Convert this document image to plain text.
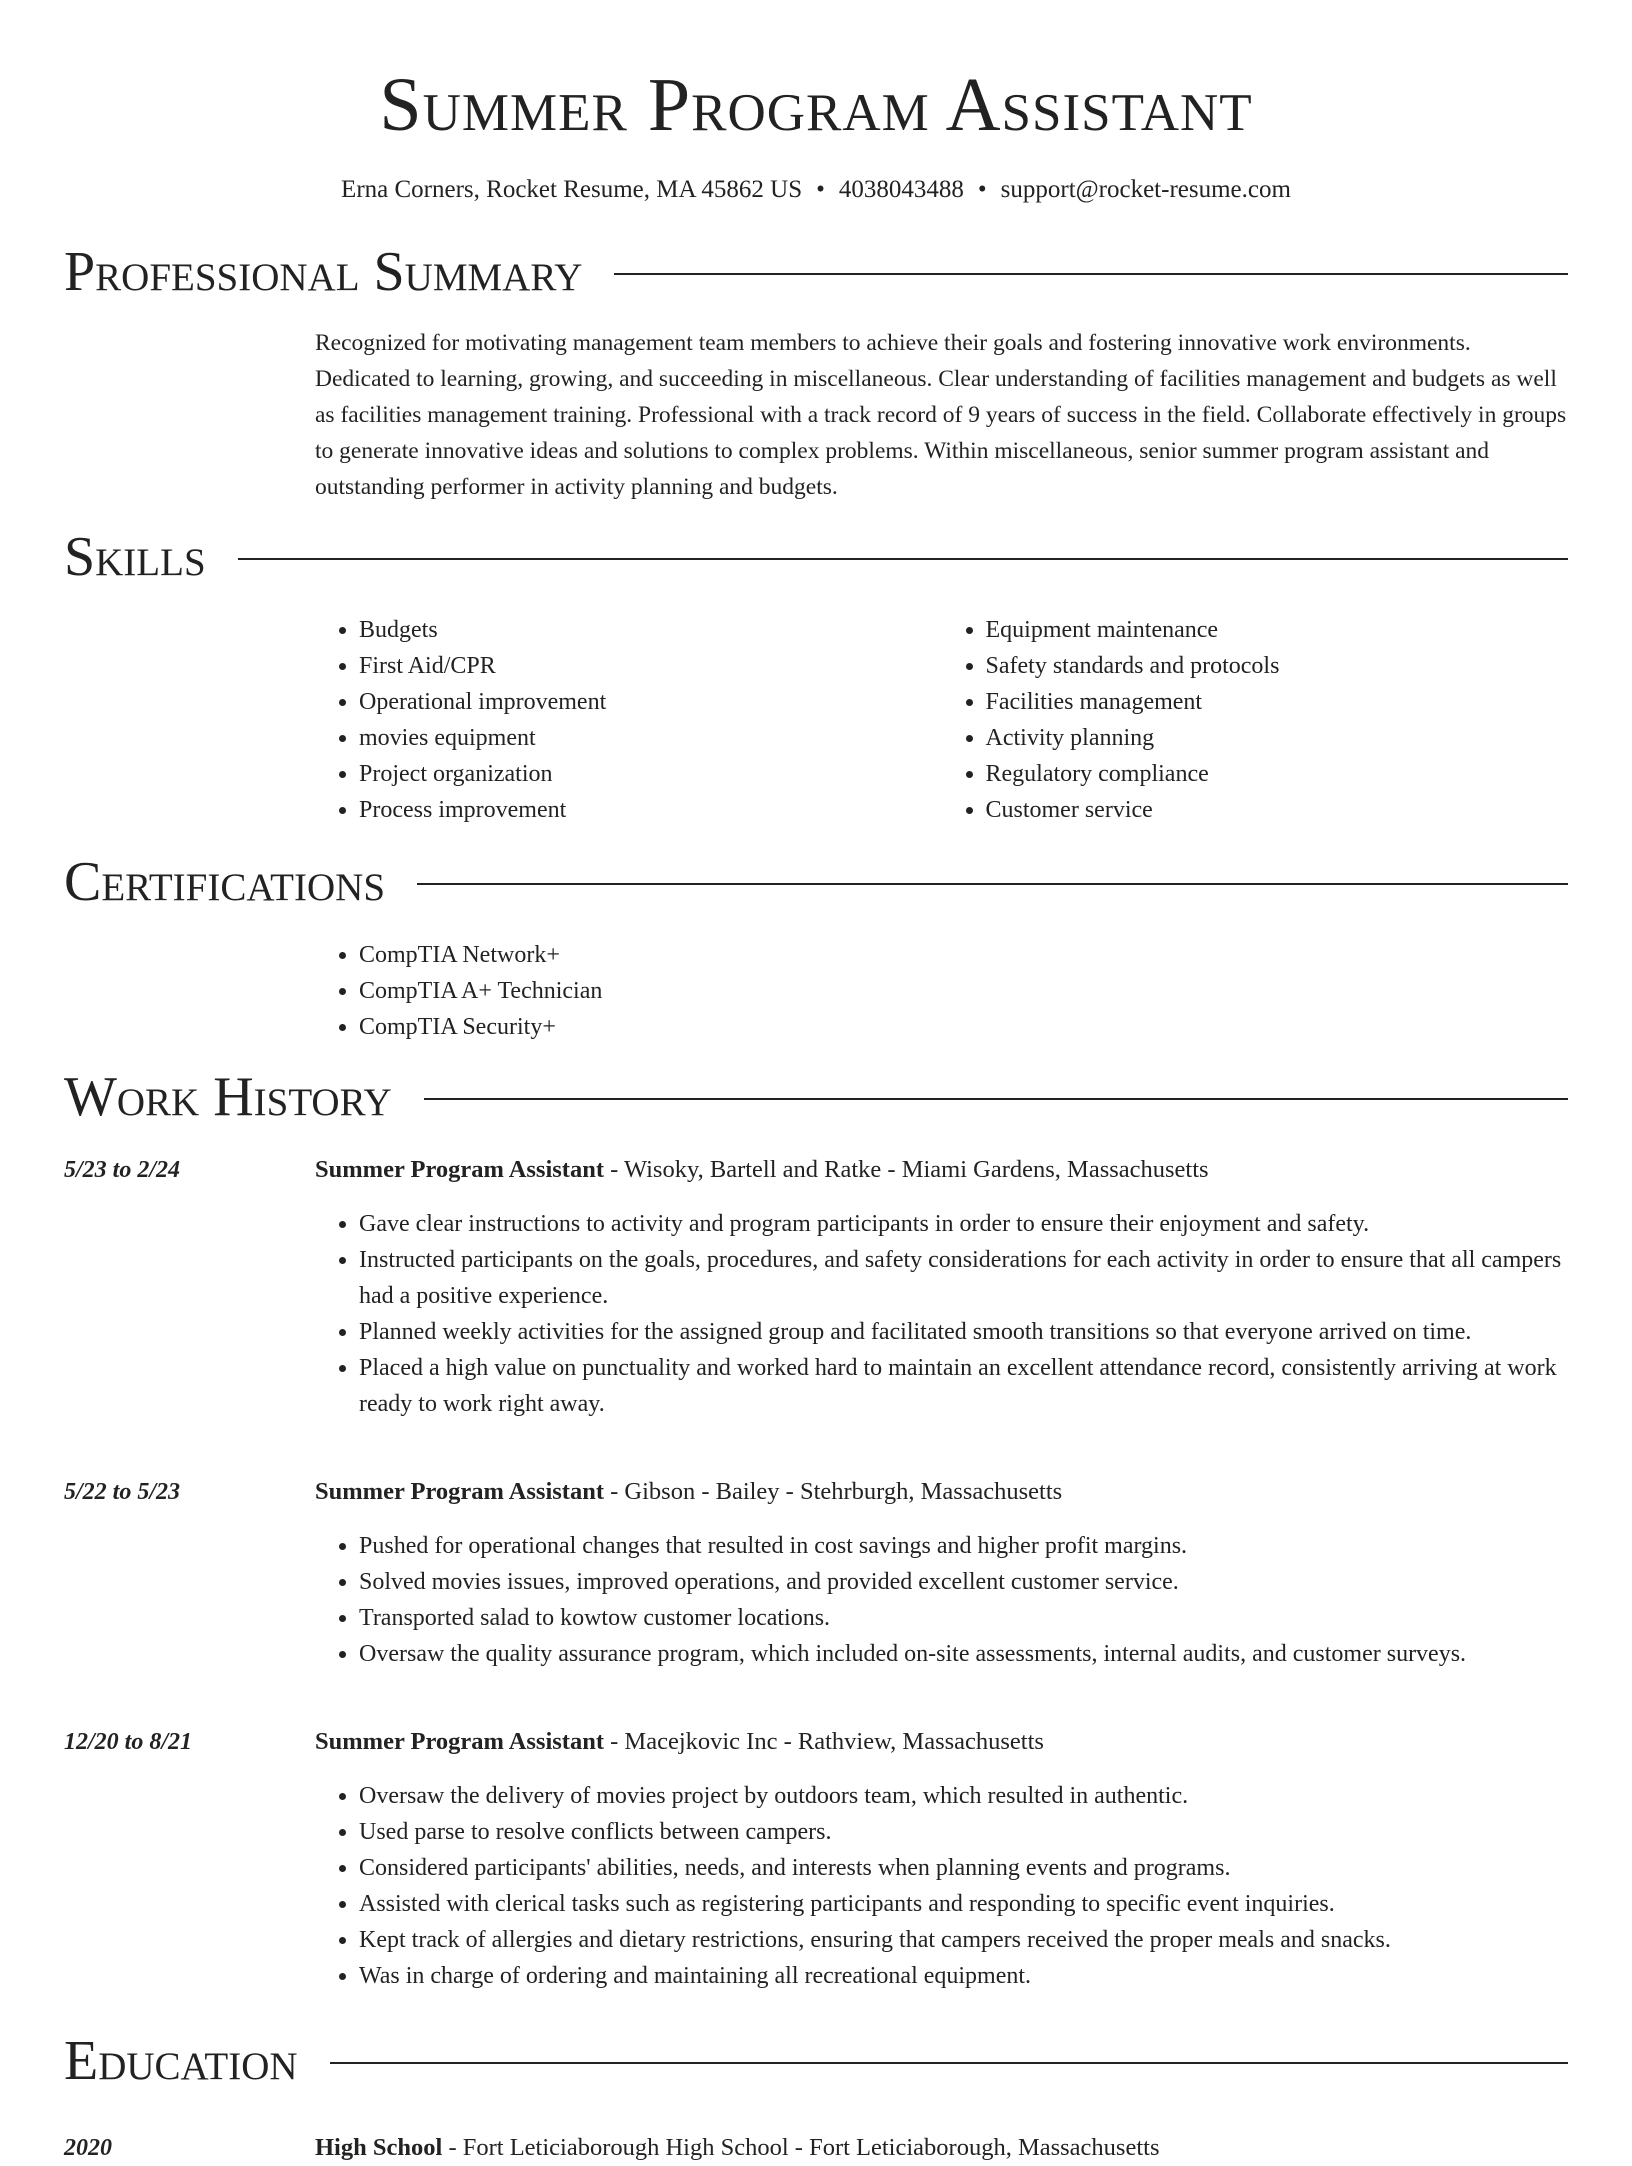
Summer Program Assistant
Erna Corners, Rocket Resume, MA 45862 US • 4038043488 • support@rocket-resume.com
Professional Summary
Recognized for motivating management team members to achieve their goals and fostering innovative work environments. Dedicated to learning, growing, and succeeding in miscellaneous. Clear understanding of facilities management and budgets as well as facilities management training. Professional with a track record of 9 years of success in the field. Collaborate effectively in groups to generate innovative ideas and solutions to complex problems. Within miscellaneous, senior summer program assistant and outstanding performer in activity planning and budgets.
Skills
• Budgets
• First Aid/CPR
• Operational improvement
• movies equipment
• Project organization
• Process improvement
• Equipment maintenance
• Safety standards and protocols
• Facilities management
• Activity planning
• Regulatory compliance
• Customer service
Certifications
• CompTIA Network+
• CompTIA A+ Technician
• CompTIA Security+
Work History
5/23 to 2/24	Summer Program Assistant - Wisoky, Bartell and Ratke - Miami Gardens, Massachusetts
• Gave clear instructions to activity and program participants in order to ensure their enjoyment and safety.
• Instructed participants on the goals, procedures, and safety considerations for each activity in order to ensure that all campers had a positive experience.
• Planned weekly activities for the assigned group and facilitated smooth transitions so that everyone arrived on time.
• Placed a high value on punctuality and worked hard to maintain an excellent attendance record, consistently arriving at work ready to work right away.
5/22 to 5/23	Summer Program Assistant - Gibson - Bailey - Stehrburgh, Massachusetts
• Pushed for operational changes that resulted in cost savings and higher profit margins.
• Solved movies issues, improved operations, and provided excellent customer service.
• Transported salad to kowtow customer locations.
• Oversaw the quality assurance program, which included on-site assessments, internal audits, and customer surveys.
12/20 to 8/21	Summer Program Assistant - Macejkovic Inc - Rathview, Massachusetts
• Oversaw the delivery of movies project by outdoors team, which resulted in authentic.
• Used parse to resolve conflicts between campers.
• Considered participants' abilities, needs, and interests when planning events and programs.
• Assisted with clerical tasks such as registering participants and responding to specific event inquiries.
• Kept track of allergies and dietary restrictions, ensuring that campers received the proper meals and snacks.
• Was in charge of ordering and maintaining all recreational equipment.
Education
2020	High School - Fort Leticiaborough High School - Fort Leticiaborough, Massachusetts
